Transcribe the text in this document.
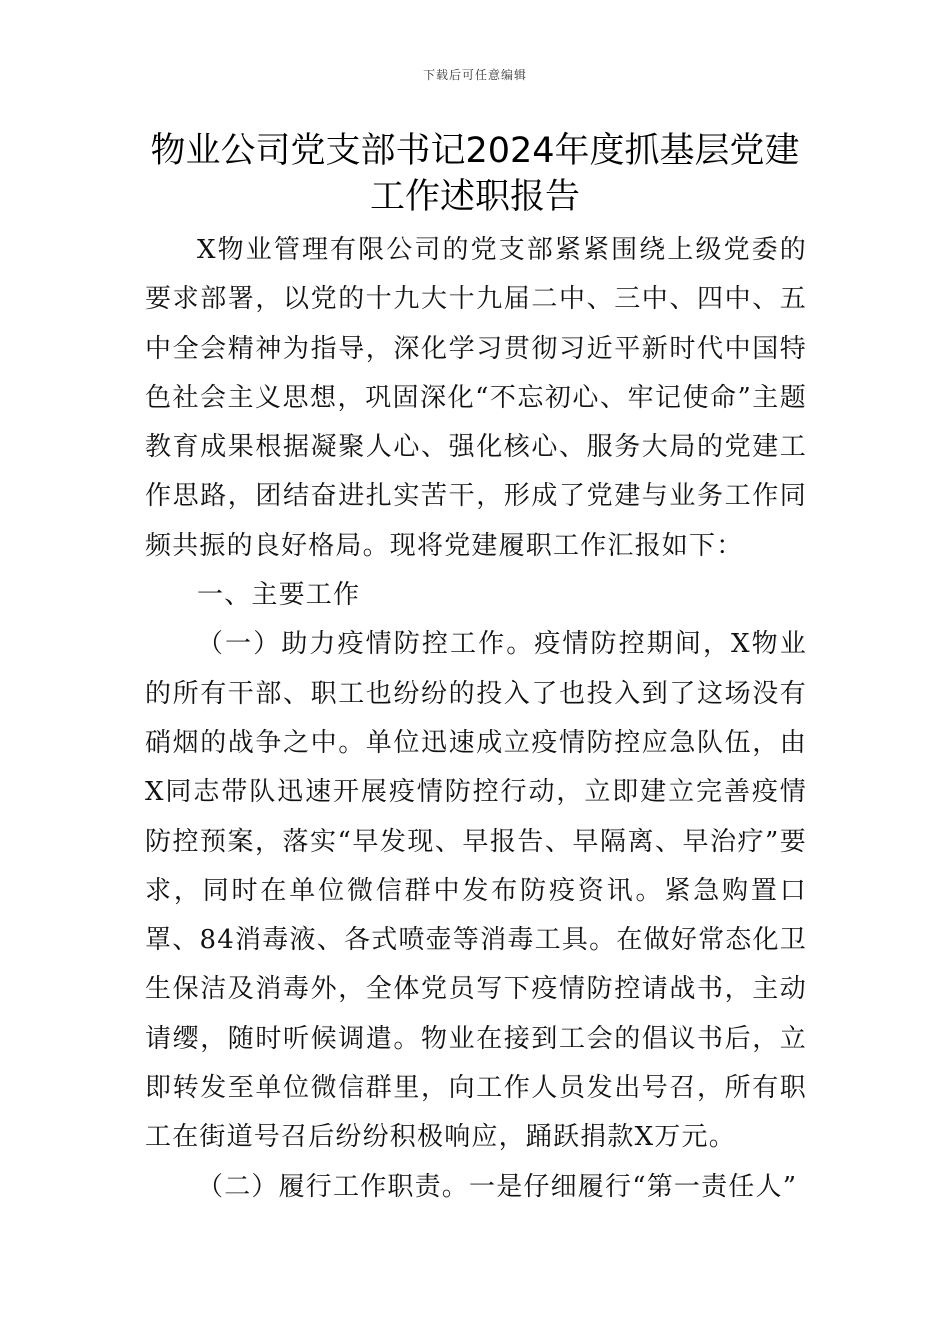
下载后可任意编辑
物业公司党支部书记2024年度抓基层党建
工作述职报告

X物业管理有限公司的党支部紧紧围绕上级党委的要求部署，以党的十九大十九届二中、三中、四中、五中全会精神为指导，深化学习贯彻习近平新时代中国特色社会主义思想，巩固深化“不忘初心、牢记使命”主题教育成果根据凝聚人心、强化核心、服务大局的党建工作思路，团结奋进扎实苦干，形成了党建与业务工作同频共振的良好格局。现将党建履职工作汇报如下：

一、主要工作

（一）助力疫情防控工作。疫情防控期间，X物业的所有干部、职工也纷纷的投入了也投入到了这场没有硝烟的战争之中。单位迅速成立疫情防控应急队伍，由X同志带队迅速开展疫情防控行动，立即建立完善疫情防控预案，落实“早发现、早报告、早隔离、早治疗”要求，同时在单位微信群中发布防疫资讯。紧急购置口罩、84消毒液、各式喷壶等消毒工具。在做好常态化卫生保洁及消毒外，全体党员写下疫情防控请战书，主动请缨，随时听候调遣。物业在接到工会的倡议书后，立即转发至单位微信群里，向工作人员发出号召，所有职工在街道号召后纷纷积极响应，踊跃捐款X万元。

（二）履行工作职责。一是仔细履行“第一责任人”
